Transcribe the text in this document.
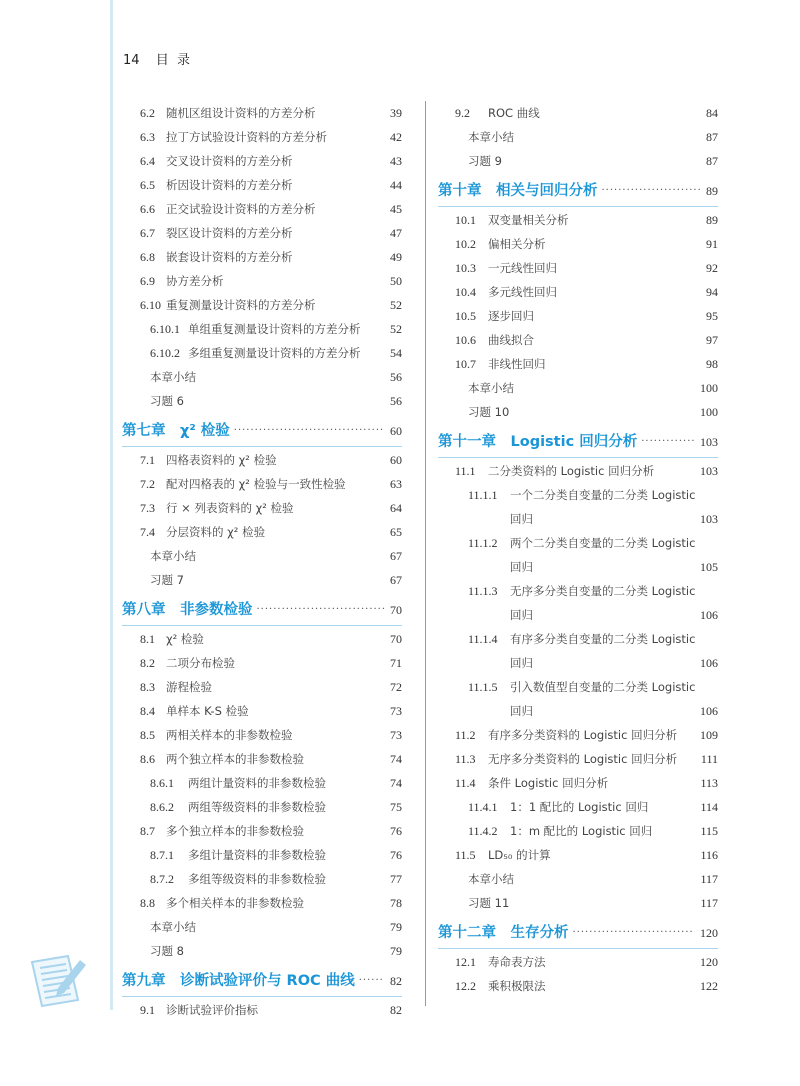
14 目  录
6.2 随机区组设计资料的方差分析	39
6.3 拉丁方试验设计资料的方差分析	42
6.4 交叉设计资料的方差分析	43
6.5 析因设计资料的方差分析	44
6.6 正交试验设计资料的方差分析	45
6.7 裂区设计资料的方差分析	47
6.8 嵌套设计资料的方差分析	49
6.9 协方差分析	50
6.10 重复测量设计资料的方差分析	52
6.10.1 单组重复测量设计资料的方差分析	52
6.10.2 多组重复测量设计资料的方差分析	54
本章小结	56
习题 6	56
第七章　χ² 检验 ···································· 60
7.1 四格表资料的 χ² 检验	60
7.2 配对四格表的 χ² 检验与一致性检验	63
7.3 行 × 列表资料的 χ² 检验	64
7.4 分层资料的 χ² 检验	65
本章小结	67
习题 7	67
第八章　非参数检验 ······························· 70
8.1 χ² 检验	70
8.2 二项分布检验	71
8.3 游程检验	72
8.4 单样本 K-S 检验	73
8.5 两相关样本的非参数检验	73
8.6 两个独立样本的非参数检验	74
8.6.1	两组计量资料的非参数检验	74
8.6.2	两组等级资料的非参数检验	75
8.7 多个独立样本的非参数检验	76
8.7.1	多组计量资料的非参数检验	76
8.7.2	多组等级资料的非参数检验	77
8.8 多个相关样本的非参数检验	78
本章小结	79
习题 8	79
第九章　诊断试验评价与 ROC 曲线 ······ 82
9.1 诊断试验评价指标	82
9.2	ROC 曲线	84
本章小结	87
习题 9	87
第十章　相关与回归分析 ························ 89
10.1	双变量相关分析	89
10.2	偏相关分析	91
10.3	一元线性回归	92
10.4	多元线性回归	94
10.5	逐步回归	95
10.6	曲线拟合	97
10.7	非线性回归	98
本章小结	100
习题 10	100
第十一章　Logistic 回归分析 ············· 103
11.1	二分类资料的 Logistic 回归分析	103
11.1.1	一个二分类自变量的二分类 Logistic
回归	103
11.1.2	两个二分类自变量的二分类 Logistic
回归	105
11.1.3	无序多分类自变量的二分类 Logistic
回归	106
11.1.4	有序多分类自变量的二分类 Logistic
回归	106
11.1.5	引入数值型自变量的二分类 Logistic
回归	106
11.2	有序多分类资料的 Logistic 回归分析	109
11.3	无序多分类资料的 Logistic 回归分析	111
11.4	条件 Logistic 回归分析	113
11.4.1	1：1 配比的 Logistic 回归	114
11.4.2	1：m 配比的 Logistic 回归	115
11.5	LD₅₀ 的计算	116
本章小结	117
习题 11	117
第十二章　生存分析 ····························· 120
12.1	寿命表方法	120
12.2	乘积极限法	122
